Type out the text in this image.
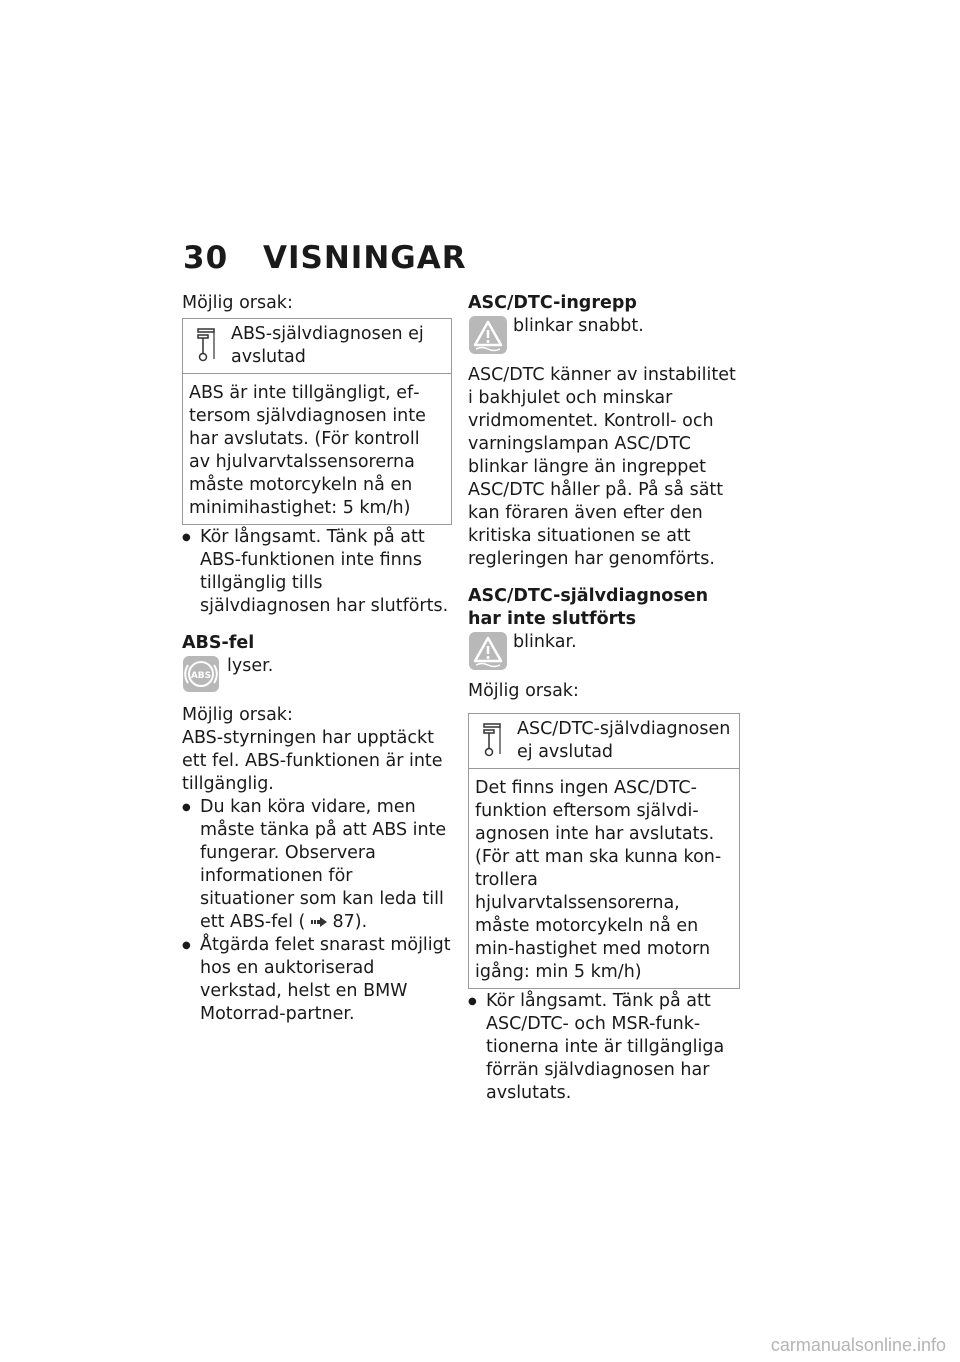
30 VISNINGAR

Möjlig orsak:

ABS-självdiagnosen ej avslutad
ABS är inte tillgängligt, eftersom självdiagnosen inte har avslutats. (För kontroll av hjulvarvtalssensorerna måste motorcykeln nå en minimihastighet: 5 km/h)
● Kör långsamt. Tänk på att ABS-funktionen inte finns tillgänglig tills självdiagnosen har slutförts.

ABS-fel

ABS lyser.

Möjlig orsak:

ABS-styrningen har upptäckt ett fel. ABS-funktionen är inte tillgänglig.

● Du kan köra vidare, men måste tänka på att ABS inte fungerar. Observera informationen för situationer som kan leda till ett ABS-fel ( 87).
● Åtgärda felet snarast möjligt hos en auktoriserad verkstad, helst en BMW Motorrad-partner.

ASC/DTC-ingrepp

blinkar snabbt.

ASC/DTC känner av instabilitet i bakhjulet och minskar vridmomentet. Kontroll- och varningslampan ASC/DTC blinkar längre än ingreppet ASC/DTC håller på. På så sätt kan föraren även efter den kritiska situationen se att regleringen har genomförts.

ASC/DTC-självdiagnosen har inte slutförts

blinkar.

Möjlig orsak:

ASC/DTC-självdiagnosen ej avslutad
Det finns ingen ASC/DTC-funktion eftersom självdiagnosen inte har avslutats. (För att man ska kunna kontrollera hjulvarvtalssensorerna, måste motorcykeln nå en min-hastighet med motorn igång: min 5 km/h)
● Kör långsamt. Tänk på att ASC/DTC- och MSR-funktionerna inte är tillgängliga förrän självdiagnosen har avslutats.
carmanualsonline.info
